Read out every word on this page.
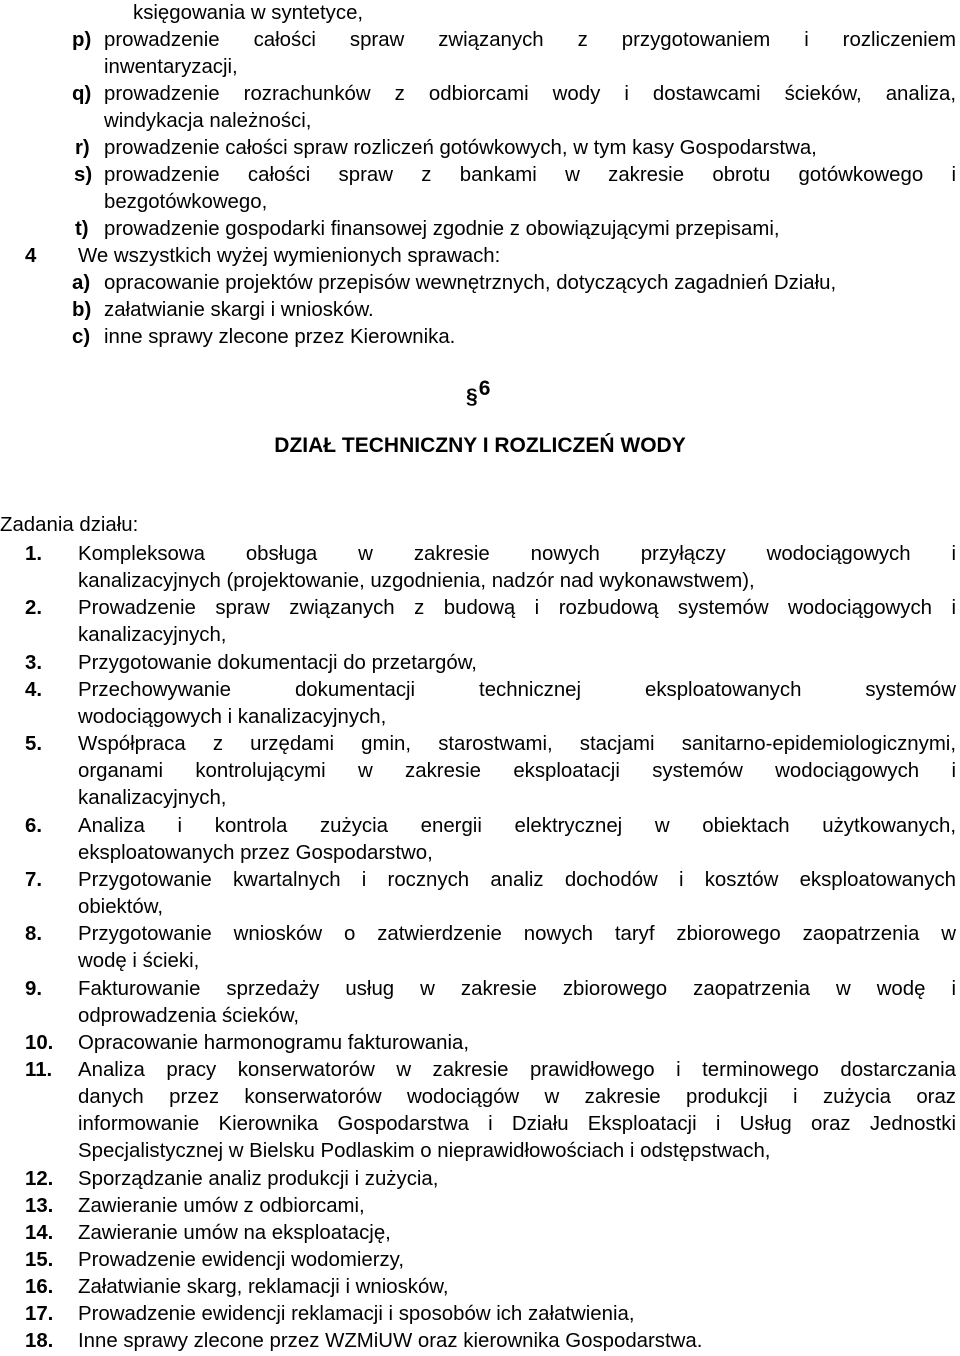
księgowania w syntetyce,
p) prowadzenie całości spraw związanych z przygotowaniem i rozliczeniem
inwentaryzacji,
q) prowadzenie rozrachunków z odbiorcami wody i dostawcami ścieków, analiza,
windykacja należności,
r) prowadzenie całości spraw rozliczeń gotówkowych, w tym kasy Gospodarstwa,
s) prowadzenie całości spraw z bankami w zakresie obrotu gotówkowego i
bezgotówkowego,
t) prowadzenie gospodarki finansowej zgodnie z obowiązującymi przepisami,
4 We wszystkich wyżej wymienionych sprawach:
a) opracowanie projektów przepisów wewnętrznych, dotyczących zagadnień Działu,
b) załatwianie skargi i wniosków.
c) inne sprawy zlecone przez Kierownika.
§6
DZIAŁ TECHNICZNY I ROZLICZEŃ WODY
Zadania działu:
1. Kompleksowa obsługa w zakresie nowych przyłączy wodociągowych i
kanalizacyjnych (projektowanie, uzgodnienia, nadzór nad wykonawstwem),
2. Prowadzenie spraw związanych z budową i rozbudową systemów wodociągowych i
kanalizacyjnych,
3. Przygotowanie dokumentacji do przetargów,
4. Przechowywanie dokumentacji technicznej eksploatowanych systemów
wodociągowych i kanalizacyjnych,
5. Współpraca z urzędami gmin, starostwami, stacjami sanitarno-epidemiologicznymi,
organami kontrolującymi w zakresie eksploatacji systemów wodociągowych i
kanalizacyjnych,
6. Analiza i kontrola zużycia energii elektrycznej w obiektach użytkowanych,
eksploatowanych przez Gospodarstwo,
7. Przygotowanie kwartalnych i rocznych analiz dochodów i kosztów eksploatowanych
obiektów,
8. Przygotowanie wniosków o zatwierdzenie nowych taryf zbiorowego zaopatrzenia w
wodę i ścieki,
9. Fakturowanie sprzedaży usług w zakresie zbiorowego zaopatrzenia w wodę i
odprowadzenia ścieków,
10. Opracowanie harmonogramu fakturowania,
11. Analiza pracy konserwatorów w zakresie prawidłowego i terminowego dostarczania
danych przez konserwatorów wodociągów w zakresie produkcji i zużycia oraz
informowanie Kierownika Gospodarstwa i Działu Eksploatacji i Usług oraz Jednostki
Specjalistycznej w Bielsku Podlaskim o nieprawidłowościach i odstępstwach,
12. Sporządzanie analiz produkcji i zużycia,
13. Zawieranie umów z odbiorcami,
14. Zawieranie umów na eksploatację,
15. Prowadzenie ewidencji wodomierzy,
16. Załatwianie skarg, reklamacji i wniosków,
17. Prowadzenie ewidencji reklamacji i sposobów ich załatwienia,
18. Inne sprawy zlecone przez WZMiUW oraz kierownika Gospodarstwa.
